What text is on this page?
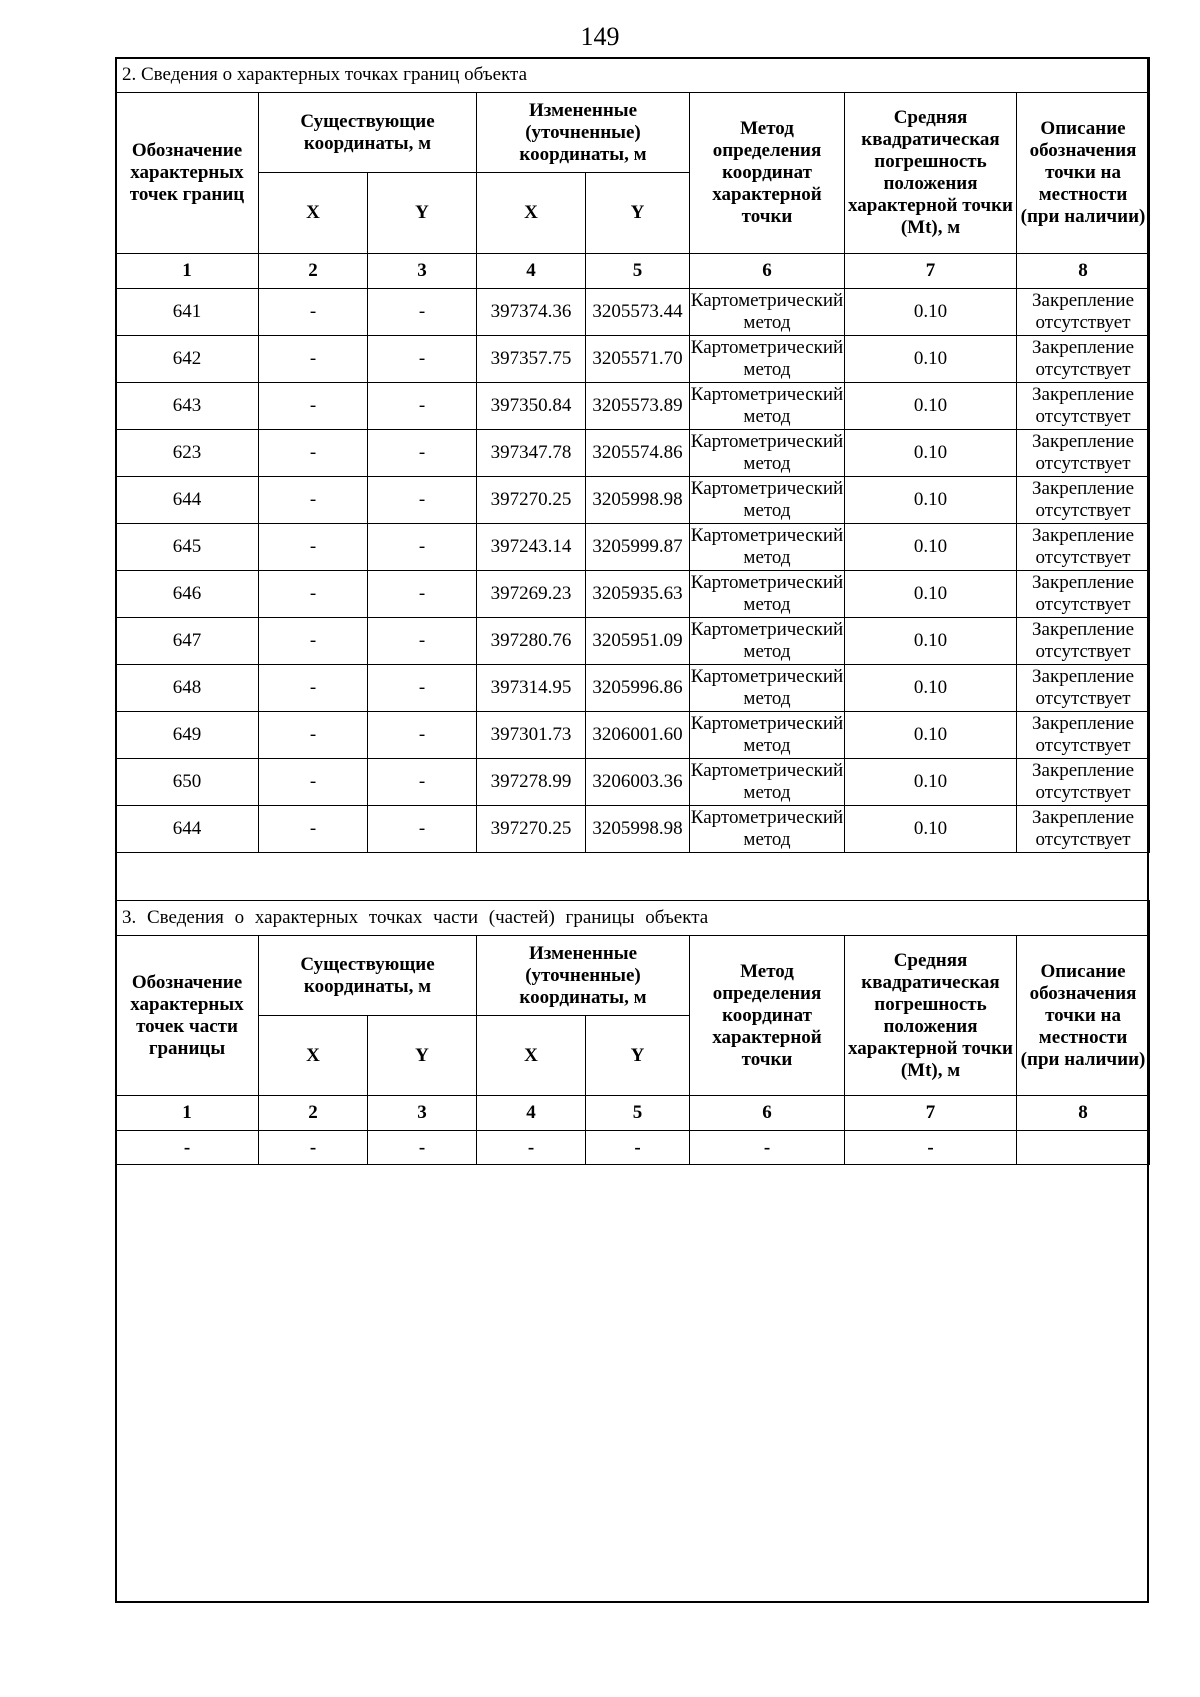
149
2. Сведения о характерных точках границ объекта							
Обозначение характерных точек границ	Существующие координаты, м		Измененные (уточненные) координаты, м		Метод определения координат характерной точки	Средняя квадратическая погрешность положения характерной точки (Mt), м	Описание обозначения точки на местности (при наличии)
	X	Y	X	Y			
1	2	3	4	5	6	7	8
641	-	-	397374.36	3205573.44	Картометрический метод	0.10	Закрепление отсутствует
642	-	-	397357.75	3205571.70	Картометрический метод	0.10	Закрепление отсутствует
643	-	-	397350.84	3205573.89	Картометрический метод	0.10	Закрепление отсутствует
623	-	-	397347.78	3205574.86	Картометрический метод	0.10	Закрепление отсутствует
644	-	-	397270.25	3205998.98	Картометрический метод	0.10	Закрепление отсутствует
645	-	-	397243.14	3205999.87	Картометрический метод	0.10	Закрепление отсутствует
646	-	-	397269.23	3205935.63	Картометрический метод	0.10	Закрепление отсутствует
647	-	-	397280.76	3205951.09	Картометрический метод	0.10	Закрепление отсутствует
648	-	-	397314.95	3205996.86	Картометрический метод	0.10	Закрепление отсутствует
649	-	-	397301.73	3206001.60	Картометрический метод	0.10	Закрепление отсутствует
650	-	-	397278.99	3206003.36	Картометрический метод	0.10	Закрепление отсутствует
644	-	-	397270.25	3205998.98	Картометрический метод	0.10	Закрепление отсутствует
3. Сведения о характерных точках части (частей) границы объекта							
Обозначение характерных точек части границы	Существующие координаты, м		Измененные (уточненные) координаты, м		Метод определения координат характерной точки	Средняя квадратическая погрешность положения характерной точки (Mt), м	Описание обозначения точки на местности (при наличии)
	X	Y	X	Y			
1	2	3	4	5	6	7	8
-	-	-	-	-	-	-	
